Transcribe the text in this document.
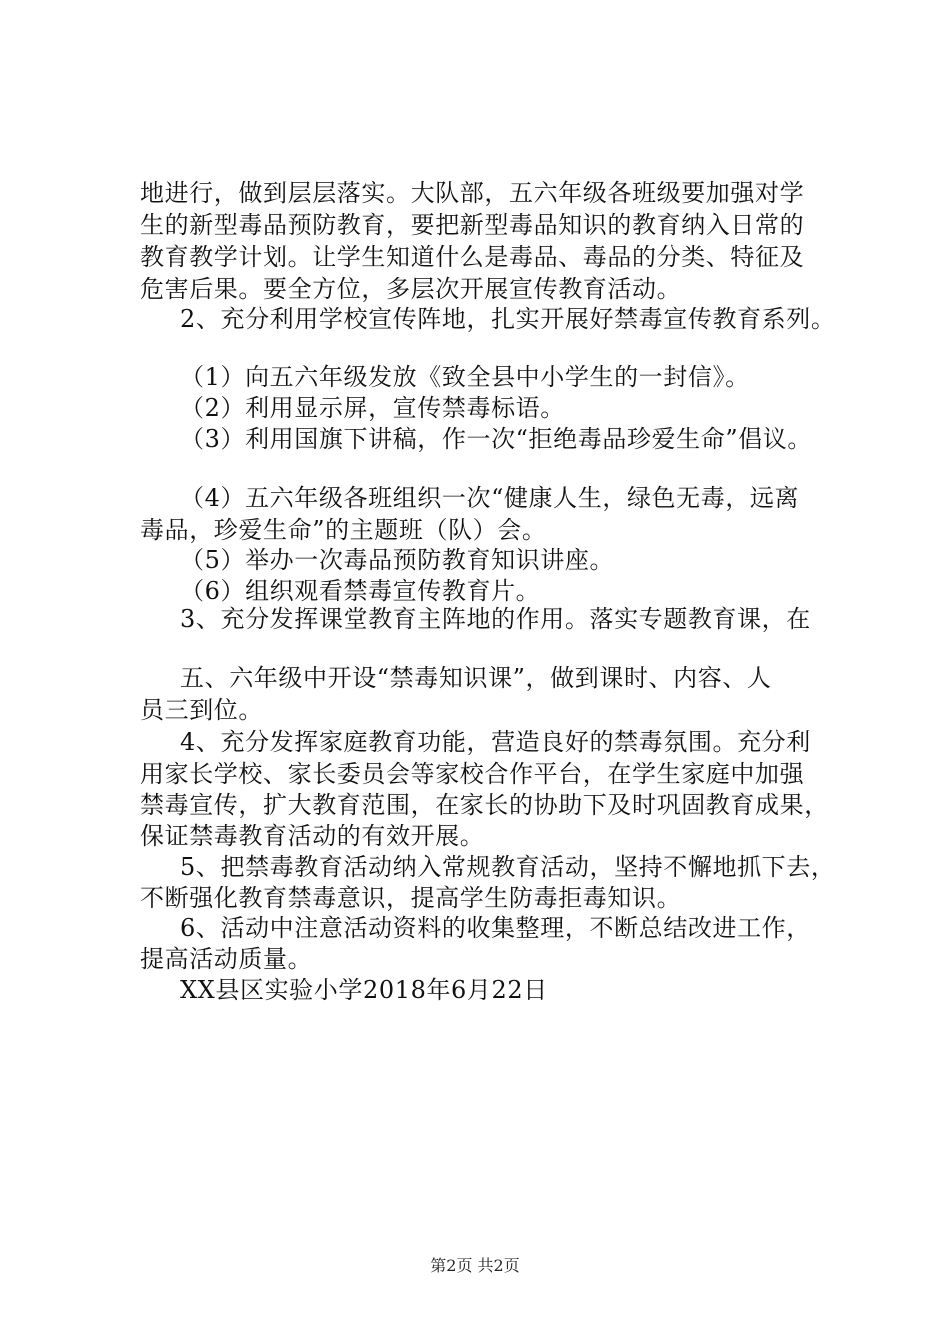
地进行，做到层层落实。大队部，五六年级各班级要加强对学
生的新型毒品预防教育，要把新型毒品知识的教育纳入日常的
教育教学计划。让学生知道什么是毒品、毒品的分类、特征及
危害后果。要全方位，多层次开展宣传教育活动。
2、充分利用学校宣传阵地，扎实开展好禁毒宣传教育系列。
（1）向五六年级发放《致全县中小学生的一封信》。
（2）利用显示屏，宣传禁毒标语。
（3）利用国旗下讲稿，作一次“拒绝毒品珍爱生命”倡议。
（4）五六年级各班组织一次“健康人生，绿色无毒，远离
毒品，珍爱生命”的主题班（队）会。
（5）举办一次毒品预防教育知识讲座。
（6）组织观看禁毒宣传教育片。
3、充分发挥课堂教育主阵地的作用。落实专题教育课，在
五、六年级中开设“禁毒知识课”，做到课时、内容、人
员三到位。
4、充分发挥家庭教育功能，营造良好的禁毒氛围。充分利
用家长学校、家长委员会等家校合作平台，在学生家庭中加强
禁毒宣传，扩大教育范围，在家长的协助下及时巩固教育成果，
保证禁毒教育活动的有效开展。
5、把禁毒教育活动纳入常规教育活动，坚持不懈地抓下去，
不断强化教育禁毒意识，提高学生防毒拒毒知识。
6、活动中注意活动资料的收集整理，不断总结改进工作，
提高活动质量。
XX县区实验小学2018年6月22日
第2页 共2页
